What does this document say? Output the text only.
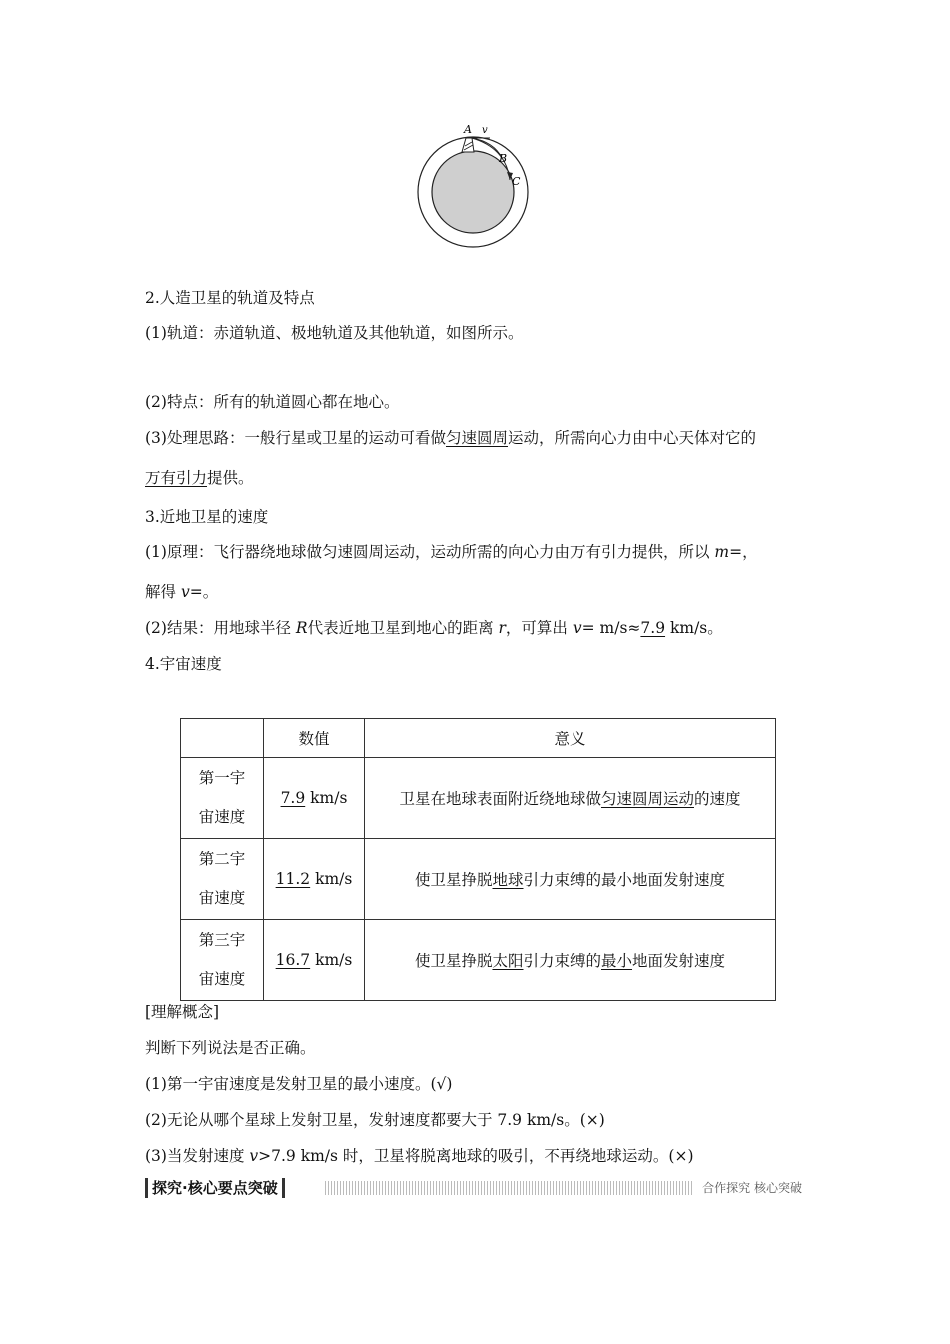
A v
B
C
2.人造卫星的轨道及特点
(1)轨道：赤道轨道、极地轨道及其他轨道，如图所示。
(2)特点：所有的轨道圆心都在地心。
(3)处理思路：一般行星或卫星的运动可看做匀速圆周运动，所需向心力由中心天体对它的
万有引力提供。
3.近地卫星的速度
(1)原理：飞行器绕地球做匀速圆周运动，运动所需的向心力由万有引力提供，所以 m=，
解得 v=。
(2)结果：用地球半径 R代表近地卫星到地心的距离 r，可算出 v= m/s≈7.9 km/s。
4.宇宙速度
	数值	意义

第一宇宙速度	7.9 km/s	卫星在地球表面附近绕地球做匀速圆周运动的速度

第二宇宙速度	11.2 km/s	使卫星挣脱地球引力束缚的最小地面发射速度

第三宇宙速度	16.7 km/s	使卫星挣脱太阳引力束缚的最小地面发射速度
[理解概念]
判断下列说法是否正确。
(1)第一宇宙速度是发射卫星的最小速度。(√)
(2)无论从哪个星球上发射卫星，发射速度都要大于 7.9 km/s。(×)
(3)当发射速度 v>7.9 km/s 时，卫星将脱离地球的吸引，不再绕地球运动。(×)
探究·核心要点突破	合作探究 核心突破
